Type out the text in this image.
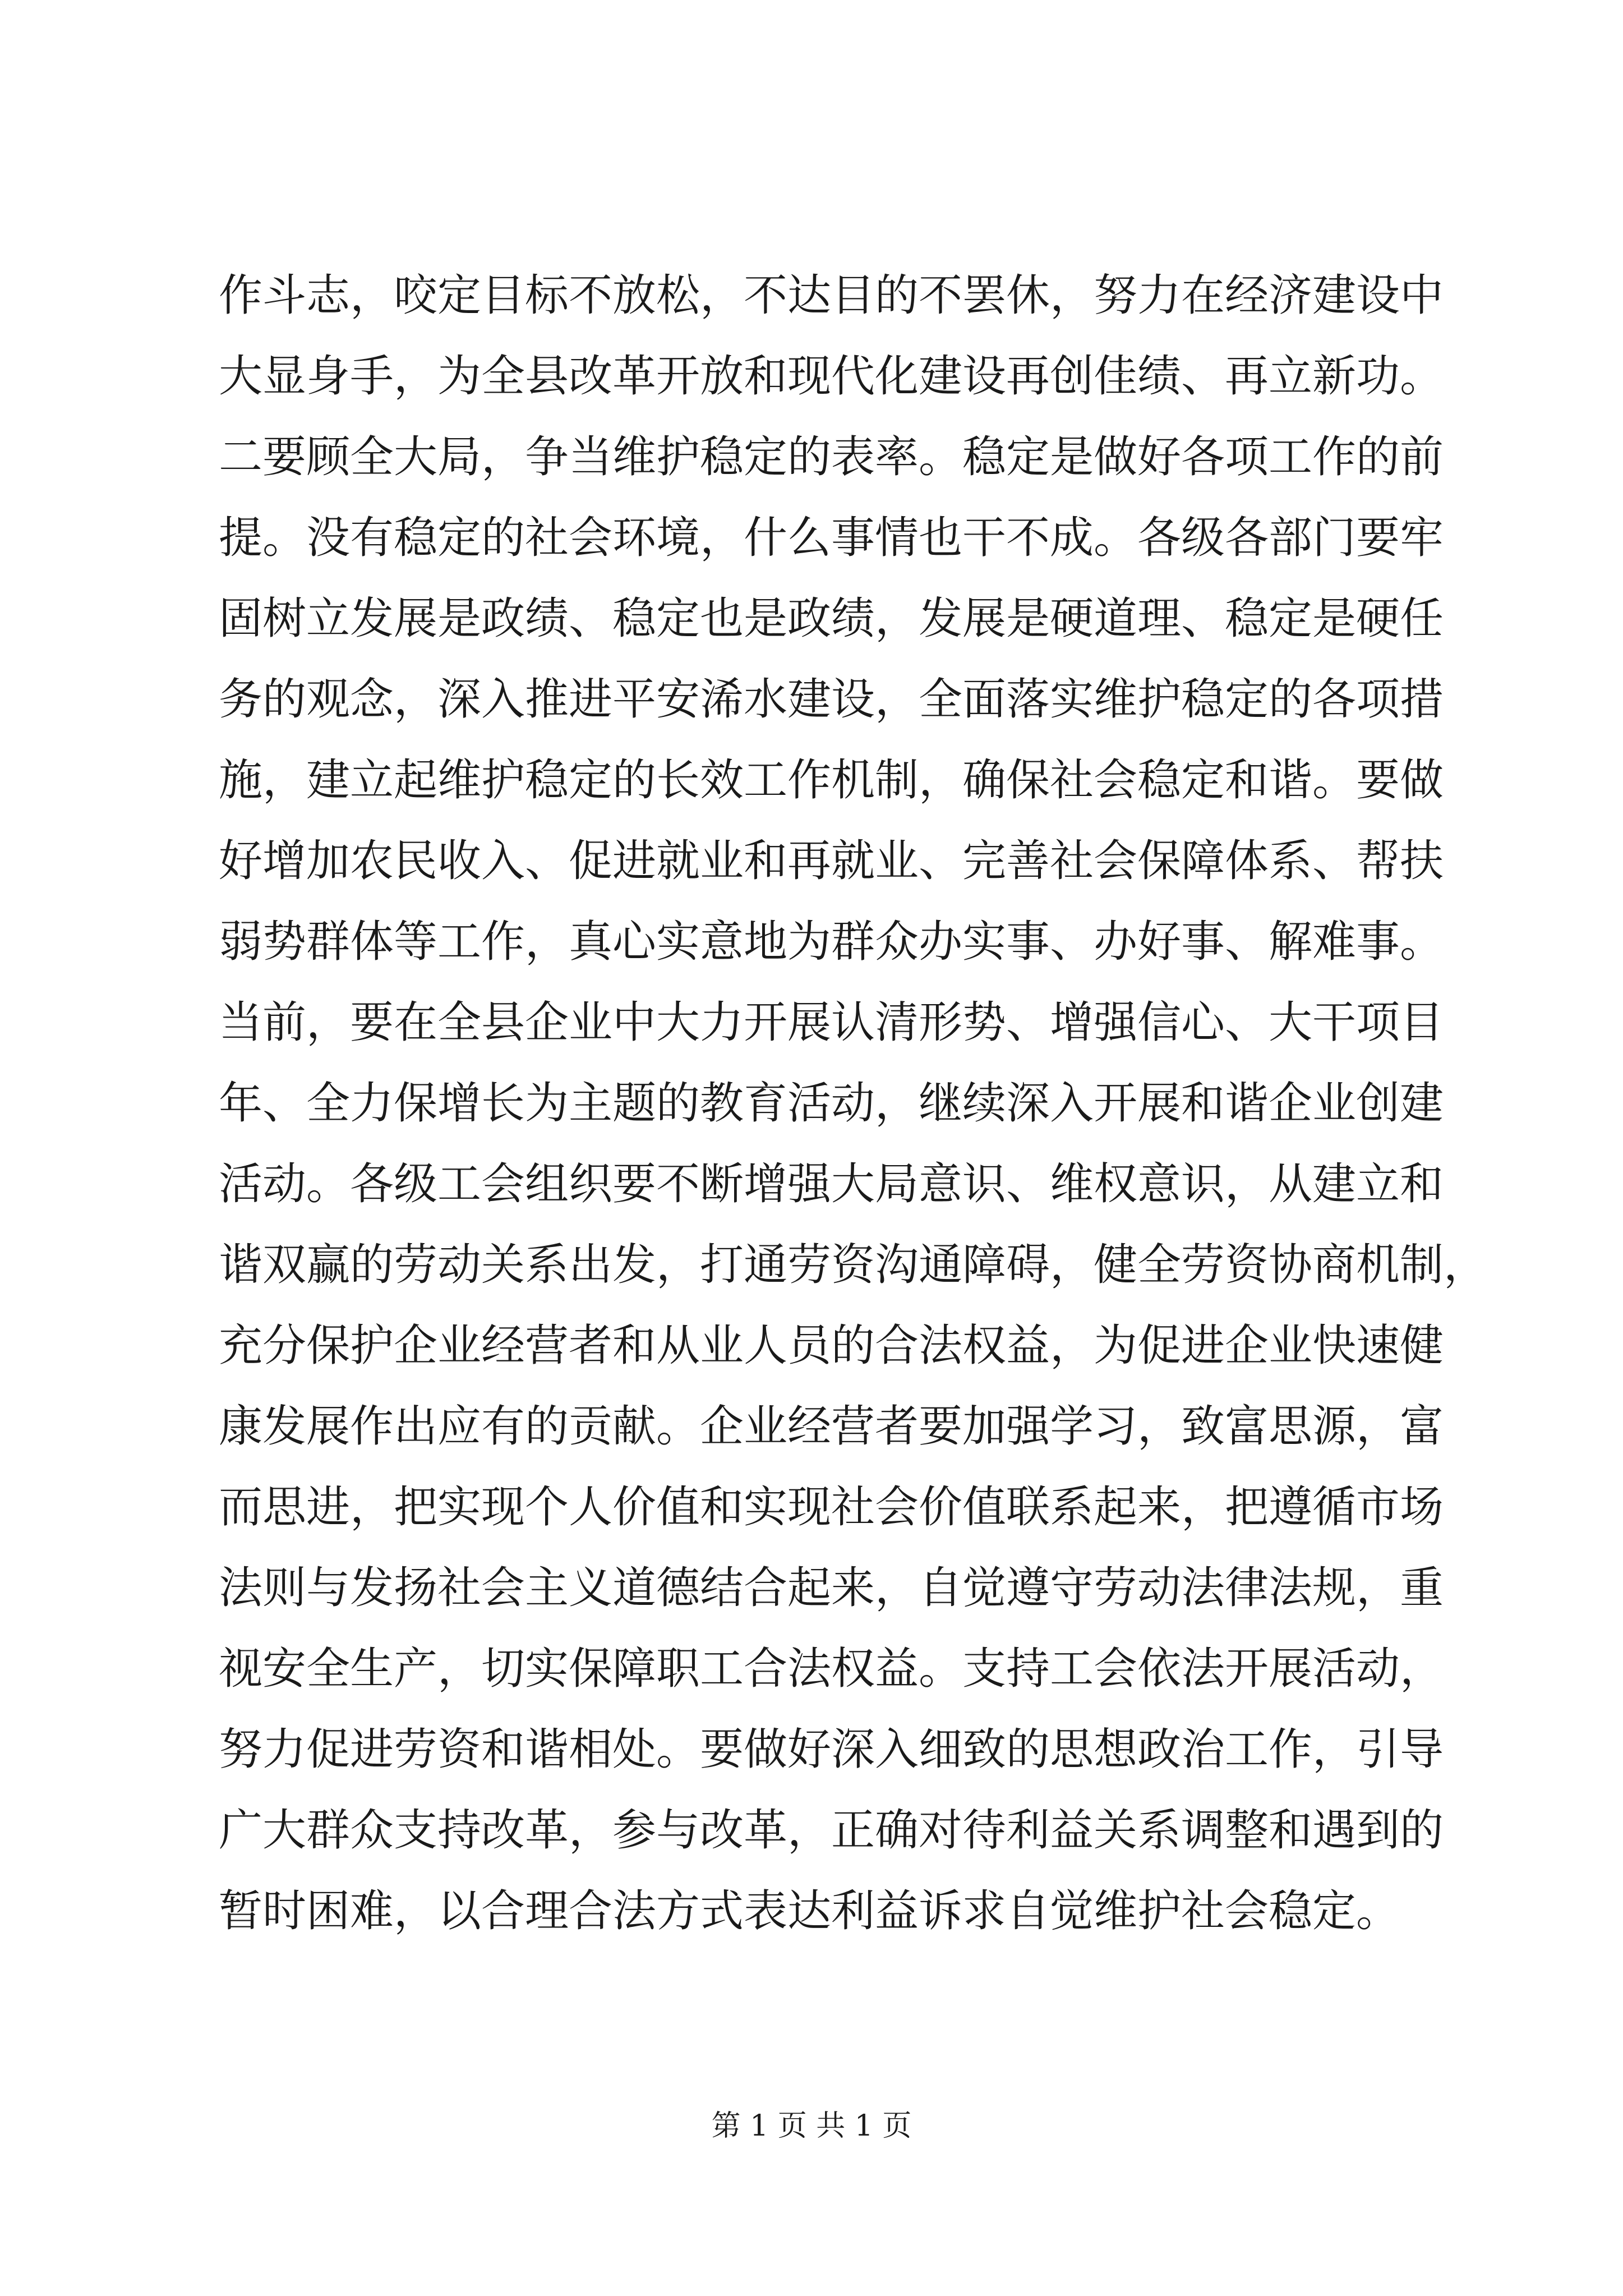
作斗志，咬定目标不放松，不达目的不罢休，努力在经济建设中
大显身手，为全县改革开放和现代化建设再创佳绩、再立新功。
二要顾全大局，争当维护稳定的表率。稳定是做好各项工作的前
提。没有稳定的社会环境，什么事情也干不成。各级各部门要牢
固树立发展是政绩、稳定也是政绩，发展是硬道理、稳定是硬任
务的观念，深入推进平安浠水建设，全面落实维护稳定的各项措
施，建立起维护稳定的长效工作机制，确保社会稳定和谐。要做
好增加农民收入、促进就业和再就业、完善社会保障体系、帮扶
弱势群体等工作，真心实意地为群众办实事、办好事、解难事。
当前，要在全县企业中大力开展认清形势、增强信心、大干项目
年、全力保增长为主题的教育活动，继续深入开展和谐企业创建
活动。各级工会组织要不断增强大局意识、维权意识，从建立和
谐双赢的劳动关系出发，打通劳资沟通障碍，健全劳资协商机制，
充分保护企业经营者和从业人员的合法权益，为促进企业快速健
康发展作出应有的贡献。企业经营者要加强学习，致富思源，富
而思进，把实现个人价值和实现社会价值联系起来，把遵循市场
法则与发扬社会主义道德结合起来，自觉遵守劳动法律法规，重
视安全生产，切实保障职工合法权益。支持工会依法开展活动，
努力促进劳资和谐相处。要做好深入细致的思想政治工作，引导
广大群众支持改革，参与改革，正确对待利益关系调整和遇到的
暂时困难，以合理合法方式表达利益诉求自觉维护社会稳定。
第 1 页 共 1 页
